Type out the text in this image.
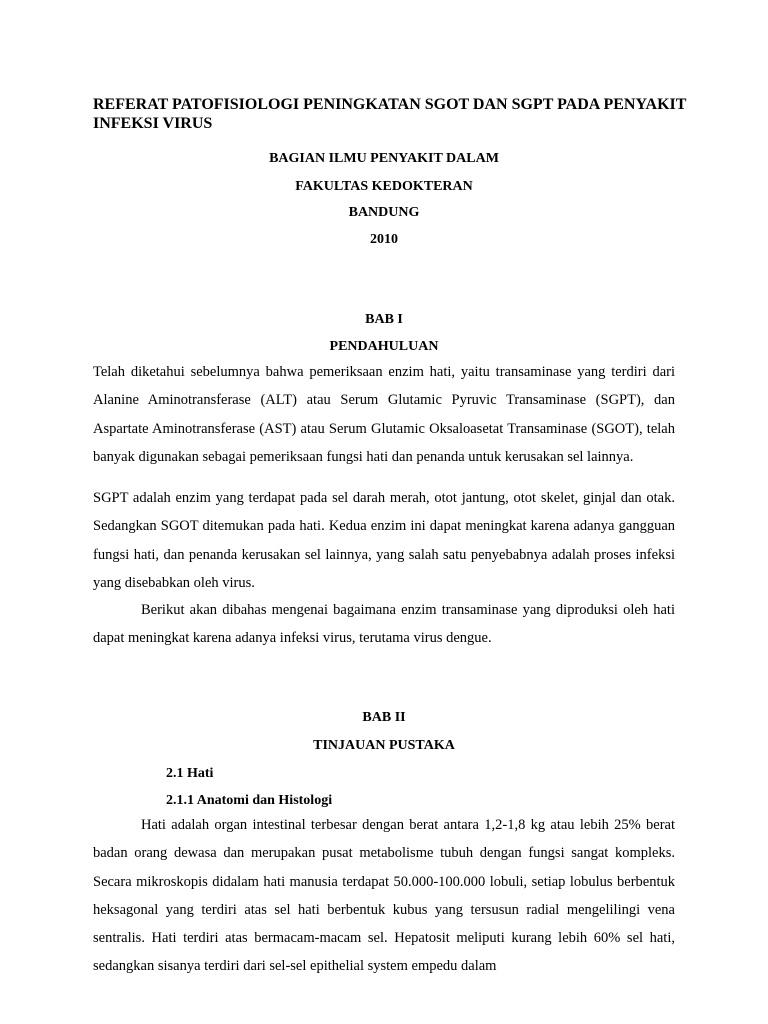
REFERAT PATOFISIOLOGI PENINGKATAN SGOT DAN SGPT PADA PENYAKIT INFEKSI VIRUS

BAGIAN ILMU PENYAKIT DALAM

FAKULTAS KEDOKTERAN

BANDUNG

2010

BAB I

PENDAHULUAN

Telah diketahui sebelumnya bahwa pemeriksaan enzim hati, yaitu transaminase yang terdiri dari Alanine Aminotransferase (ALT) atau Serum Glutamic Pyruvic Transaminase (SGPT), dan Aspartate Aminotransferase (AST) atau Serum Glutamic Oksaloasetat Transaminase (SGOT), telah banyak digunakan sebagai pemeriksaan fungsi hati dan penanda untuk kerusakan sel lainnya.

SGPT adalah enzim yang terdapat pada sel darah merah, otot jantung, otot skelet, ginjal dan otak. Sedangkan SGOT ditemukan pada hati. Kedua enzim ini dapat meningkat karena adanya gangguan fungsi hati, dan penanda kerusakan sel lainnya, yang salah satu penyebabnya adalah proses infeksi yang disebabkan oleh virus.

Berikut akan dibahas mengenai bagaimana enzim transaminase yang diproduksi oleh hati dapat meningkat karena adanya infeksi virus, terutama virus dengue.

BAB II

TINJAUAN PUSTAKA

2.1 Hati

2.1.1 Anatomi dan Histologi

Hati adalah organ intestinal terbesar dengan berat antara 1,2-1,8 kg atau lebih 25% berat badan orang dewasa dan merupakan pusat metabolisme tubuh dengan fungsi sangat kompleks. Secara mikroskopis didalam hati manusia terdapat 50.000-100.000 lobuli, setiap lobulus berbentuk heksagonal yang terdiri atas sel hati berbentuk kubus yang tersusun radial mengelilingi vena sentralis. Hati terdiri atas bermacam-macam sel. Hepatosit meliputi kurang lebih 60% sel hati, sedangkan sisanya terdiri dari sel-sel epithelial system empedu dalam
